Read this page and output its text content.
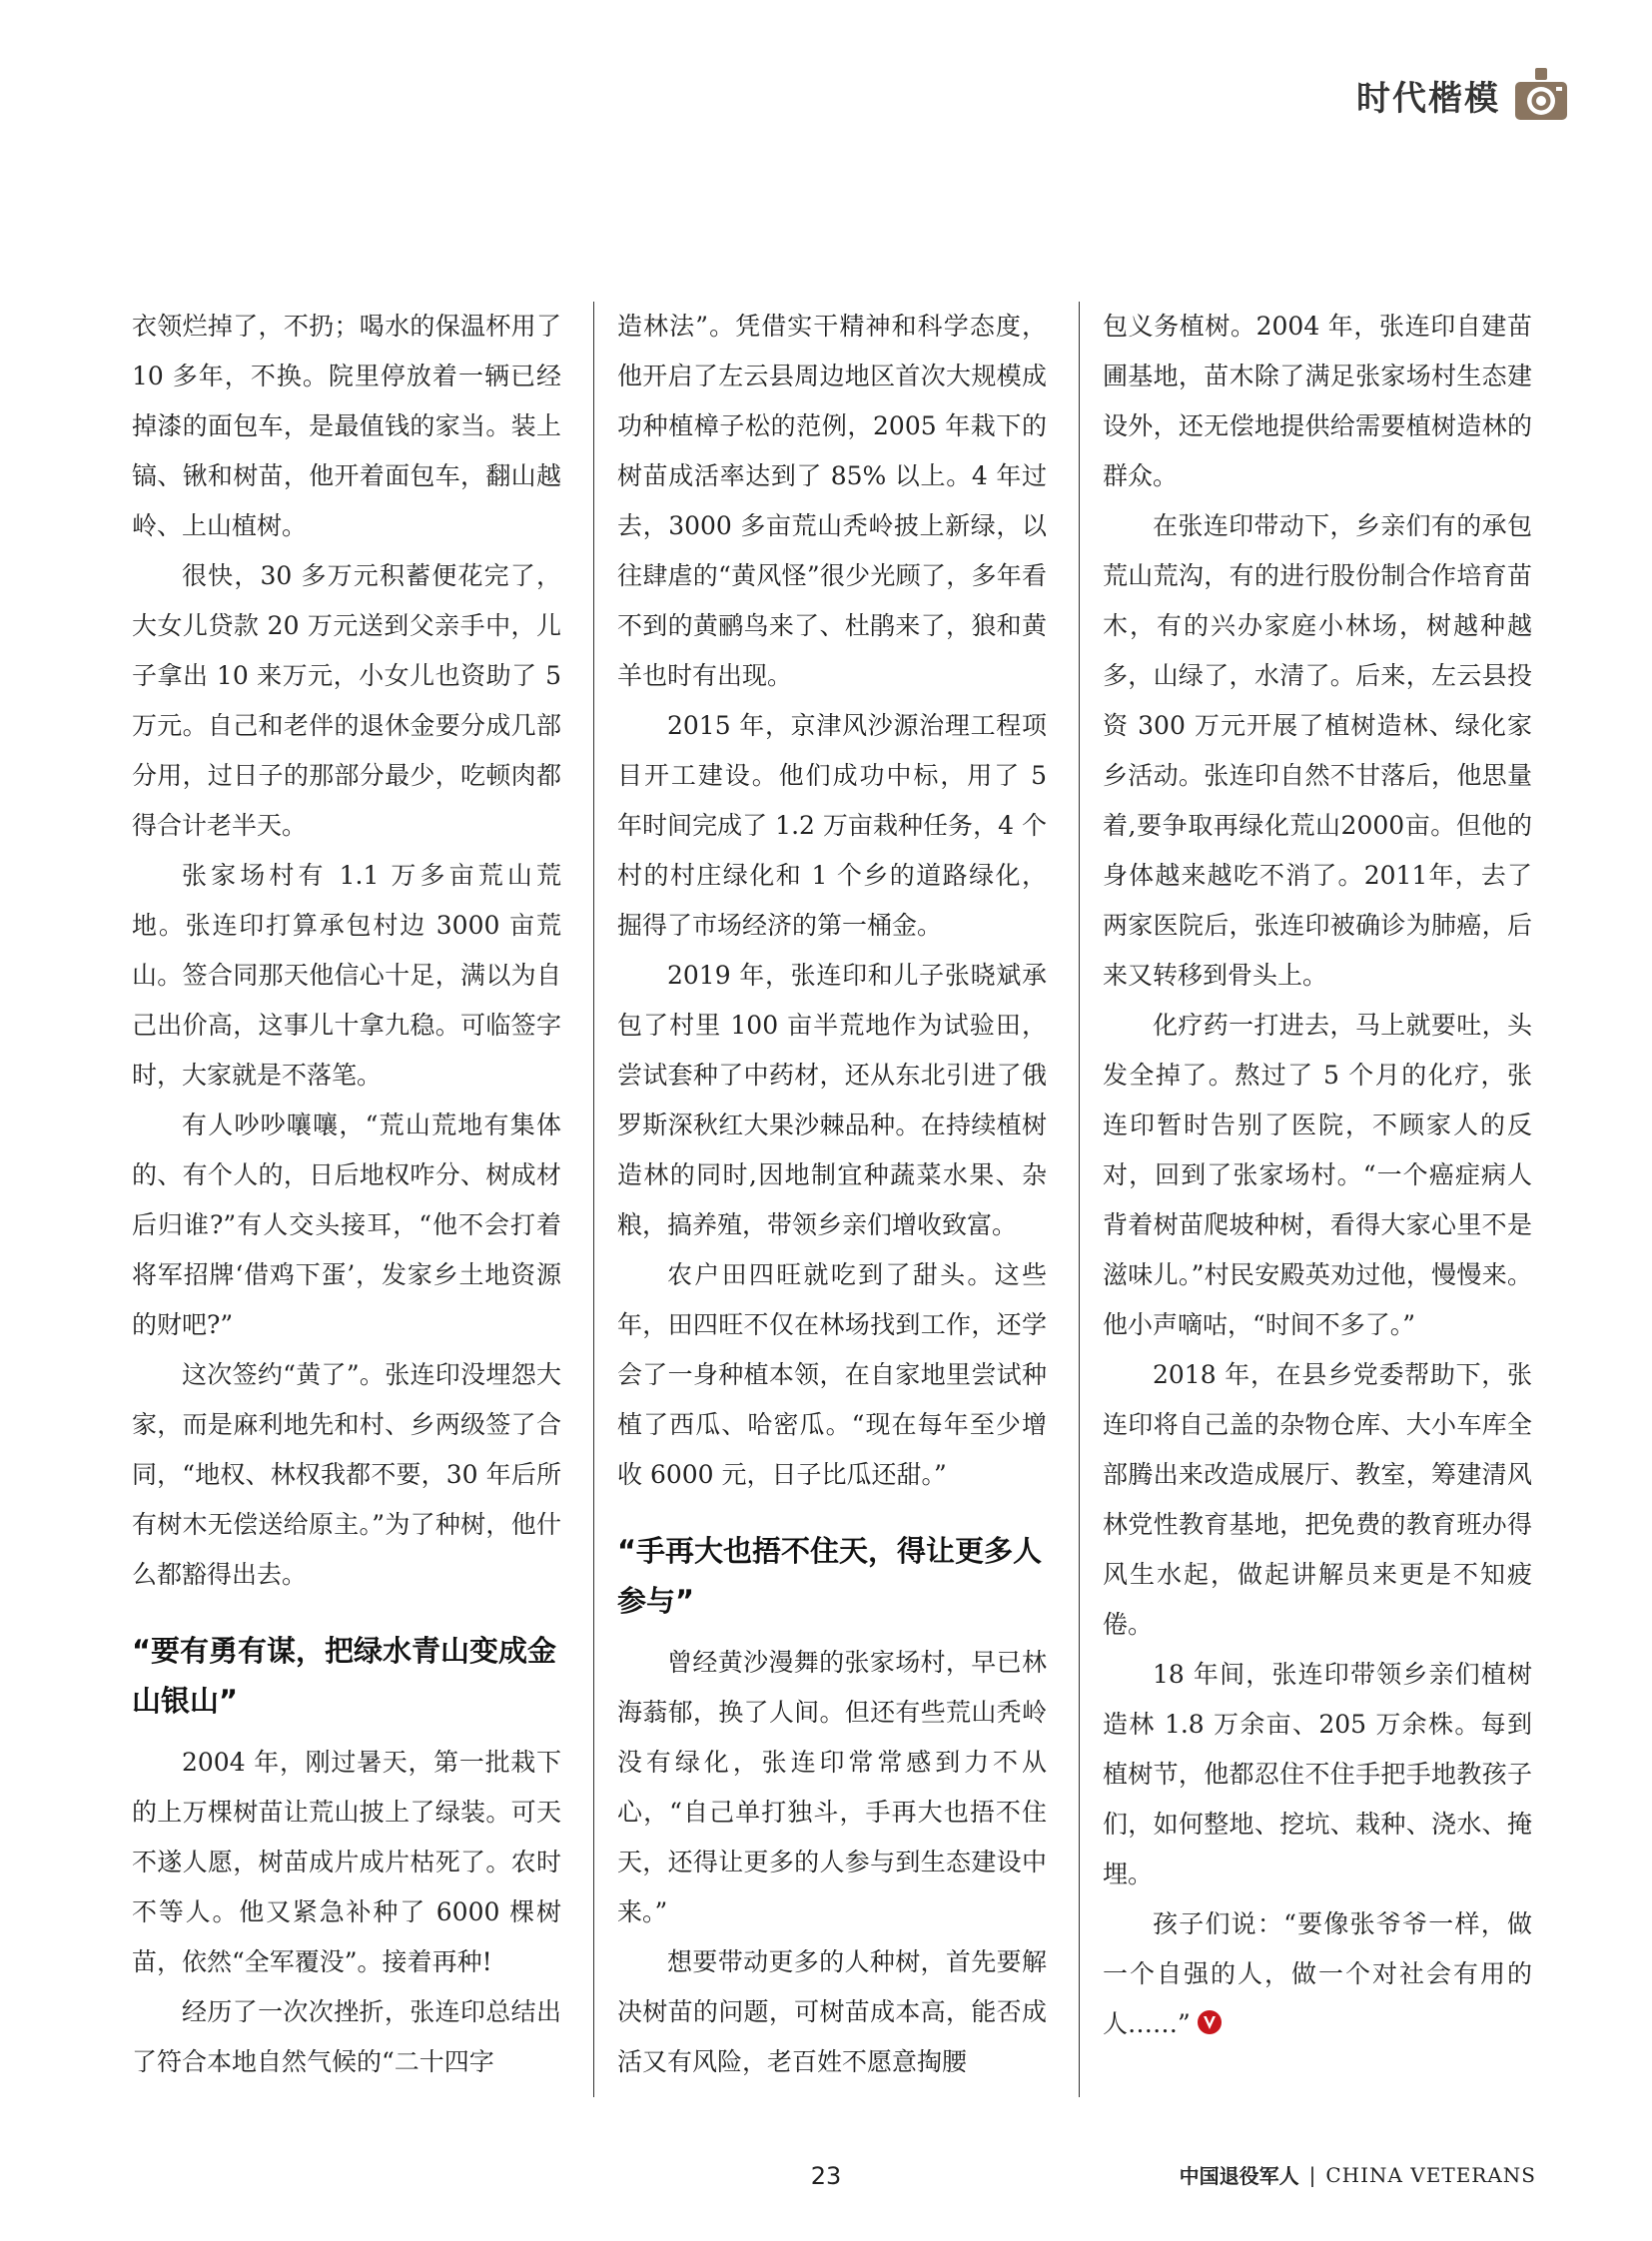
时代楷模

衣领烂掉了，不扔；喝水的保温杯用了 10 多年，不换。院里停放着一辆已经掉漆的面包车，是最值钱的家当。装上镐、锹和树苗，他开着面包车，翻山越岭、上山植树。

很快，30 多万元积蓄便花完了，大女儿贷款 20 万元送到父亲手中，儿子拿出 10 来万元，小女儿也资助了 5 万元。自己和老伴的退休金要分成几部分用，过日子的那部分最少，吃顿肉都得合计老半天。

张家场村有 1.1 万多亩荒山荒地。张连印打算承包村边 3000 亩荒山。签合同那天他信心十足，满以为自己出价高，这事儿十拿九稳。可临签字时，大家就是不落笔。

有人吵吵嚷嚷，“荒山荒地有集体的、有个人的，日后地权咋分、树成材后归谁?”有人交头接耳，“他不会打着将军招牌‘借鸡下蛋’，发家乡土地资源的财吧?”

这次签约“黄了”。张连印没埋怨大家，而是麻利地先和村、乡两级签了合同，“地权、林权我都不要，30 年后所有树木无偿送给原主。”为了种树，他什么都豁得出去。

“要有勇有谋，把绿水青山变成金山银山”

2004 年，刚过暑天，第一批栽下的上万棵树苗让荒山披上了绿装。可天不遂人愿，树苗成片成片枯死了。农时不等人。他又紧急补种了 6000 棵树苗，依然“全军覆没”。接着再种!

经历了一次次挫折，张连印总结出了符合本地自然气候的“二十四字

造林法”。凭借实干精神和科学态度，他开启了左云县周边地区首次大规模成功种植樟子松的范例，2005 年栽下的树苗成活率达到了 85% 以上。4 年过去，3000 多亩荒山秃岭披上新绿，以往肆虐的“黄风怪”很少光顾了，多年看不到的黄鹂鸟来了、杜鹃来了，狼和黄羊也时有出现。

2015 年，京津风沙源治理工程项目开工建设。他们成功中标，用了 5 年时间完成了 1.2 万亩栽种任务，4 个村的村庄绿化和 1 个乡的道路绿化，掘得了市场经济的第一桶金。

2019 年，张连印和儿子张晓斌承包了村里 100 亩半荒地作为试验田，尝试套种了中药材，还从东北引进了俄罗斯深秋红大果沙棘品种。在持续植树造林的同时,因地制宜种蔬菜水果、杂粮，搞养殖，带领乡亲们增收致富。

农户田四旺就吃到了甜头。这些年，田四旺不仅在林场找到工作，还学会了一身种植本领，在自家地里尝试种植了西瓜、哈密瓜。“现在每年至少增收 6000 元，日子比瓜还甜。”

“手再大也捂不住天，得让更多人参与”

曾经黄沙漫舞的张家场村，早已林海蓊郁，换了人间。但还有些荒山秃岭没有绿化，张连印常常感到力不从心，“自己单打独斗，手再大也捂不住天，还得让更多的人参与到生态建设中来。”

想要带动更多的人种树，首先要解决树苗的问题，可树苗成本高，能否成活又有风险，老百姓不愿意掏腰

包义务植树。2004 年，张连印自建苗圃基地，苗木除了满足张家场村生态建设外，还无偿地提供给需要植树造林的群众。

在张连印带动下，乡亲们有的承包荒山荒沟，有的进行股份制合作培育苗木，有的兴办家庭小林场，树越种越多，山绿了，水清了。后来，左云县投资 300 万元开展了植树造林、绿化家乡活动。张连印自然不甘落后，他思量着,要争取再绿化荒山2000亩。但他的身体越来越吃不消了。2011年，去了两家医院后，张连印被确诊为肺癌，后来又转移到骨头上。

化疗药一打进去，马上就要吐，头发全掉了。熬过了 5 个月的化疗，张连印暂时告别了医院，不顾家人的反对，回到了张家场村。“一个癌症病人背着树苗爬坡种树，看得大家心里不是滋味儿。”村民安殿英劝过他，慢慢来。他小声嘀咕，“时间不多了。”

2018 年，在县乡党委帮助下，张连印将自己盖的杂物仓库、大小车库全部腾出来改造成展厅、教室，筹建清风林党性教育基地，把免费的教育班办得风生水起，做起讲解员来更是不知疲倦。

18 年间，张连印带领乡亲们植树造林 1.8 万余亩、205 万余株。每到植树节，他都忍住不住手把手地教孩子们，如何整地、挖坑、栽种、浇水、掩埋。

孩子们说：“要像张爷爷一样，做一个自强的人，做一个对社会有用的人……”

23	中国退役军人 | CHINA VETERANS
